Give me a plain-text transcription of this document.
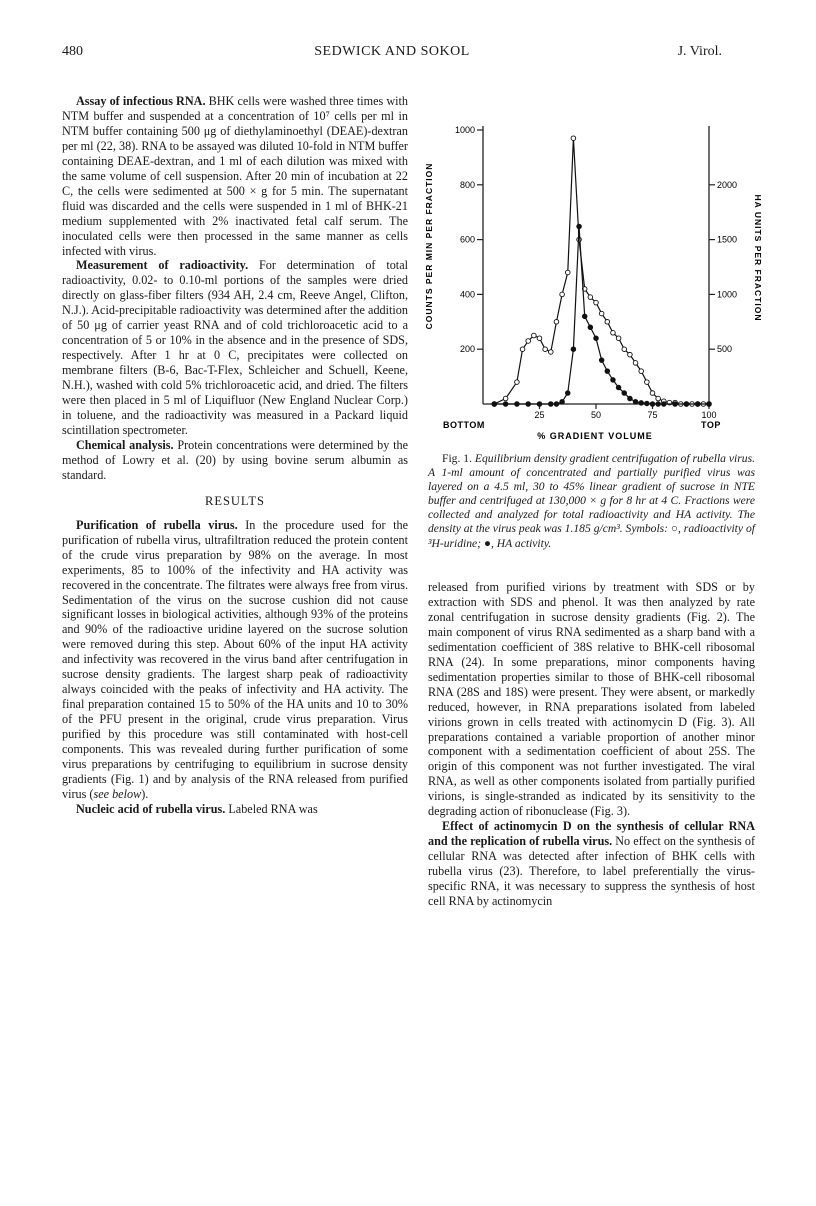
480	SEDWICK AND SOKOL	J. Virol.

Assay of infectious RNA. BHK cells were washed three times with NTM buffer and suspended at a concentration of 10⁷ cells per ml in NTM buffer containing 500 μg of diethylaminoethyl (DEAE)-dextran per ml (22, 38). RNA to be assayed was diluted 10-fold in NTM buffer containing DEAE-dextran, and 1 ml of each dilution was mixed with the same volume of cell suspension. After 20 min of incubation at 22 C, the cells were sedimented at 500 × g for 5 min. The supernatant fluid was discarded and the cells were suspended in 1 ml of BHK-21 medium supplemented with 2% inactivated fetal calf serum. The inoculated cells were then processed in the same manner as cells infected with virus.

Measurement of radioactivity. For determination of total radioactivity, 0.02- to 0.10-ml portions of the samples were dried directly on glass-fiber filters (934 AH, 2.4 cm, Reeve Angel, Clifton, N.J.). Acid-precipitable radioactivity was determined after the addition of 50 μg of carrier yeast RNA and of cold trichloroacetic acid to a concentration of 5 or 10% in the absence and in the presence of SDS, respectively. After 1 hr at 0 C, precipitates were collected on membrane filters (B-6, Bac-T-Flex, Schleicher and Schuell, Keene, N.H.), washed with cold 5% trichloroacetic acid, and dried. The filters were then placed in 5 ml of Liquifluor (New England Nuclear Corp.) in toluene, and the radioactivity was measured in a Packard liquid scintillation spectrometer.

Chemical analysis. Protein concentrations were determined by the method of Lowry et al. (20) by using bovine serum albumin as standard.

RESULTS

Purification of rubella virus. In the procedure used for the purification of rubella virus, ultrafiltration reduced the protein content of the crude virus preparation by 98% on the average. In most experiments, 85 to 100% of the infectivity and HA activity was recovered in the concentrate. The filtrates were always free from virus. Sedimentation of the virus on the sucrose cushion did not cause significant losses in biological activities, although 93% of the proteins and 90% of the radioactive uridine layered on the sucrose solution were removed during this step. About 60% of the input HA activity and infectivity was recovered in the virus band after centrifugation in sucrose density gradients. The largest sharp peak of radioactivity always coincided with the peaks of infectivity and HA activity. The final preparation contained 15 to 50% of the HA units and 10 to 30% of the PFU present in the original, crude virus preparation. Virus purified by this procedure was still contaminated with host-cell components. This was revealed during further purification of some virus preparations by centrifuging to equilibrium in sucrose density gradients (Fig. 1) and by analysis of the RNA released from purified virus (see below).

Nucleic acid of rubella virus. Labeled RNA was

200
400
600
800
1000
500
1000
1500
2000
25	50	75	100
COUNTS PER MIN PER FRACTION	HA UNITS PER FRACTION
% GRADIENT VOLUME
BOTTOM	TOP

Fig. 1. Equilibrium density gradient centrifugation of rubella virus. A 1-ml amount of concentrated and partially purified virus was layered on a 4.5 ml, 30 to 45% linear gradient of sucrose in NTE buffer and centrifuged at 130,000 × g for 8 hr at 4 C. Fractions were collected and analyzed for total radioactivity and HA activity. The density at the virus peak was 1.185 g/cm³. Symbols: ○, radioactivity of ³H-uridine; ●, HA activity.

released from purified virions by treatment with SDS or by extraction with SDS and phenol. It was then analyzed by rate zonal centrifugation in sucrose density gradients (Fig. 2). The main component of virus RNA sedimented as a sharp band with a sedimentation coefficient of 38S relative to BHK-cell ribosomal RNA (24). In some preparations, minor components having sedimentation properties similar to those of BHK-cell ribosomal RNA (28S and 18S) were present. They were absent, or markedly reduced, however, in RNA preparations isolated from labeled virions grown in cells treated with actinomycin D (Fig. 3). All preparations contained a variable proportion of another minor component with a sedimentation coefficient of about 25S. The origin of this component was not further investigated. The viral RNA, as well as other components isolated from partially purified virions, is single-stranded as indicated by its sensitivity to the degrading action of ribonuclease (Fig. 3).

Effect of actinomycin D on the synthesis of cellular RNA and the replication of rubella virus. No effect on the synthesis of cellular RNA was detected after infection of BHK cells with rubella virus (23). Therefore, to label preferentially the virus-specific RNA, it was necessary to suppress the synthesis of host cell RNA by actinomycin
